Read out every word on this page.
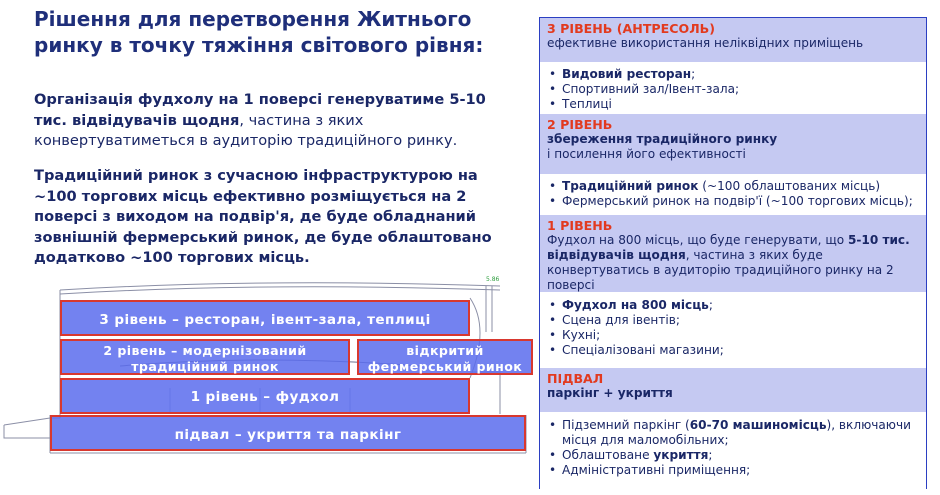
Рішення для перетворення Житнього ринку в точку тяжіння світового рівня:
Організація фудхолу на 1 поверсі генеруватиме 5-10 тис. відвідувачів щодня, частина з яких конвертуватиметься в аудиторію традиційного ринку.
Традиційний ринок з сучасною інфраструктурою на ~100 торгових місць ефективно розміщується на 2 поверсі з виходом на подвір'я, де буде обладнаний зовнішній фермерський ринок, де буде облаштовано додатково ~100 торгових місць.
5.86
3 рівень – ресторан, івент-зала, теплиці
2 рівень – модернізований
традиційний ринок
відкритий
фермерський ринок
1 рівень – фудхол
підвал – укриття та паркінг
3 РІВЕНЬ (АНТРЕСОЛЬ)
ефективне використання неліквідних приміщень
• Видовий ресторан;
• Спортивний зал/Івент-зала;
• Теплиці
2 РІВЕНЬ
збереження традиційного ринку
і посилення його ефективності
• Традиційний ринок (~100 облаштованих місць)
• Фермерський ринок на подвір'ї (~100 торгових місць);
1 РІВЕНЬ
Фудхол на 800 місць, що буде генерувати, що 5-10 тис. відвідувачів щодня, частина з яких буде конвертуватись в аудиторію традиційного ринку на 2 поверсі
• Фудхол на 800 місць;
• Сцена для івентів;
• Кухні;
• Спеціалізовані магазини;
ПІДВАЛ
паркінг + укриття
• Підземний паркінг (60-70 машиномісць), включаючи місця для маломобільних;
• Облаштоване укриття;
• Адміністративні приміщення;
